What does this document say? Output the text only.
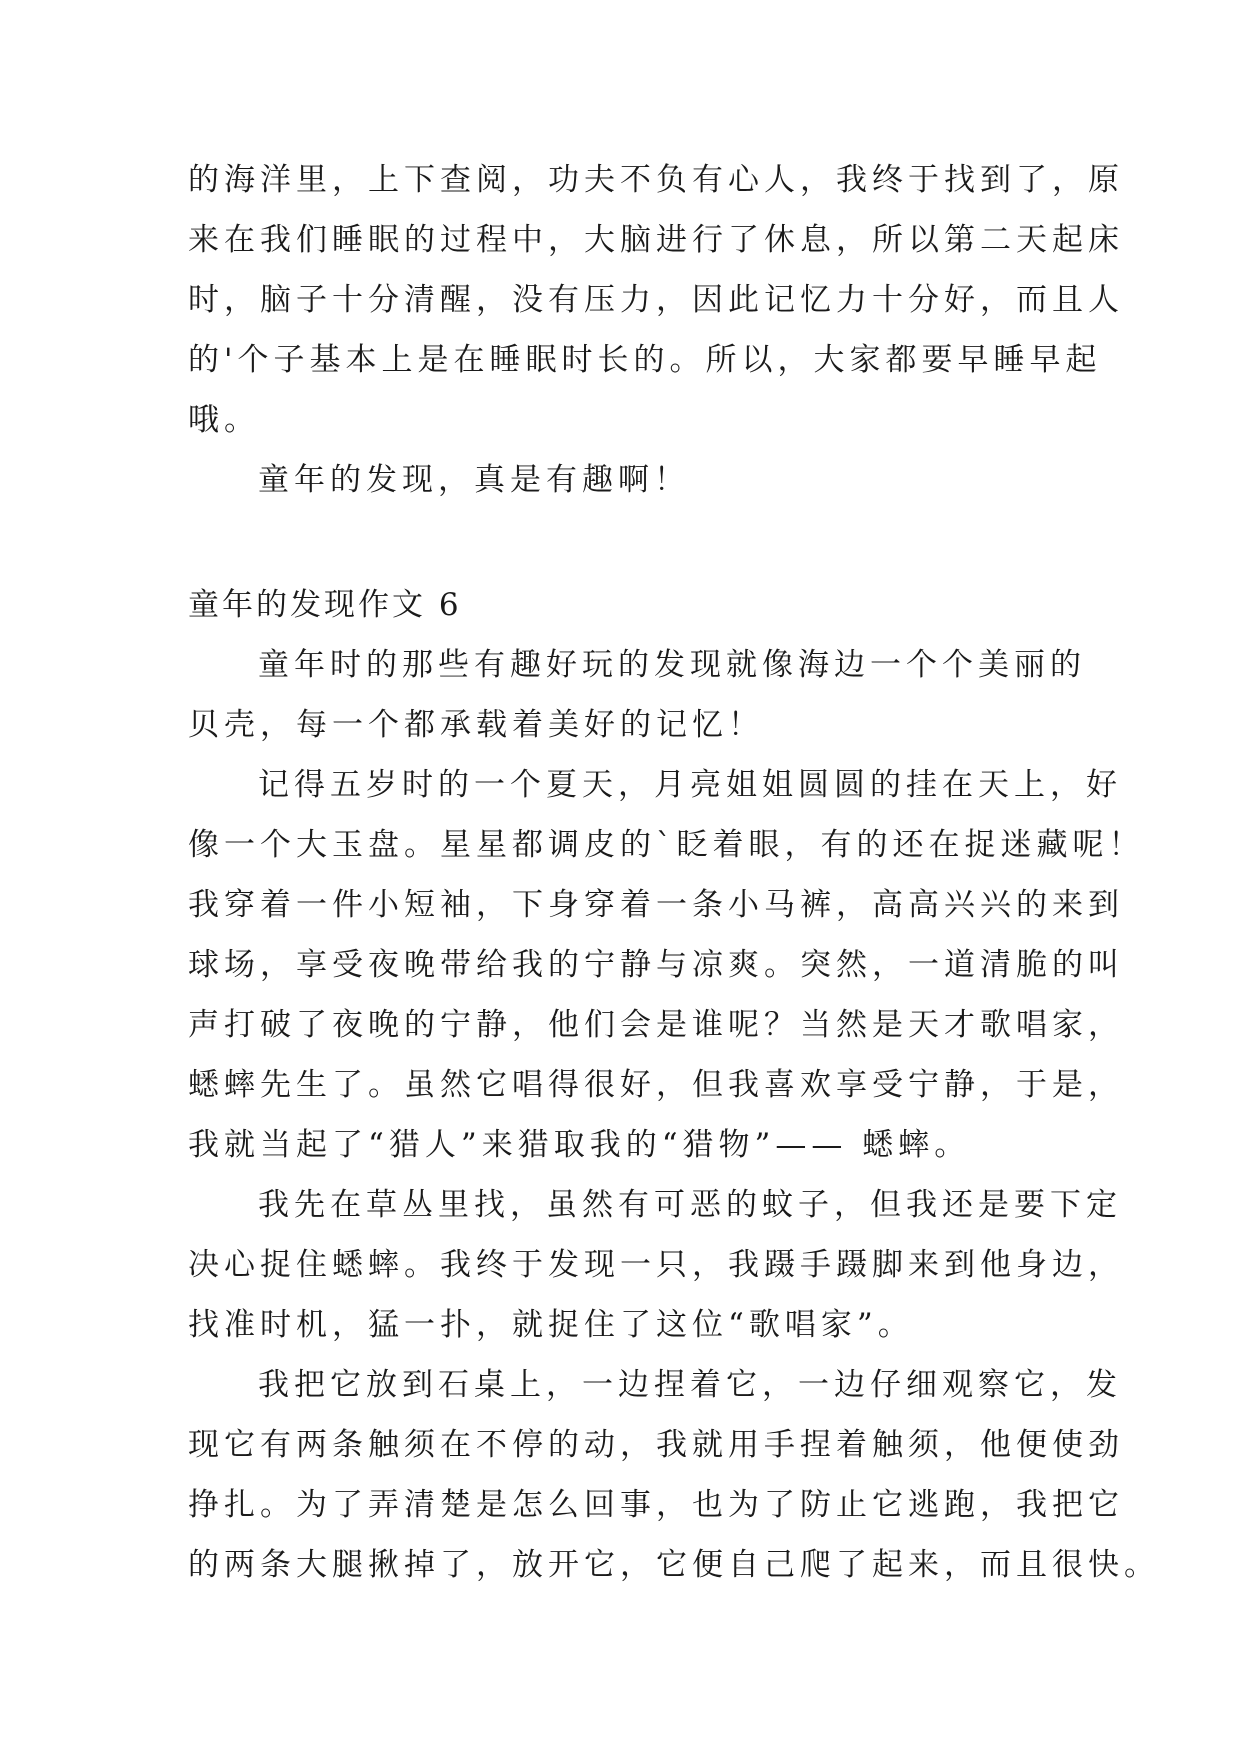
的海洋里，上下查阅，功夫不负有心人，我终于找到了，原
来在我们睡眠的过程中，大脑进行了休息，所以第二天起床
时，脑子十分清醒，没有压力，因此记忆力十分好，而且人
的'个子基本上是在睡眠时长的。所以，大家都要早睡早起
哦。
童年的发现，真是有趣啊！
童年的发现作文 6
童年时的那些有趣好玩的发现就像海边一个个美丽的
贝壳，每一个都承载着美好的记忆！
记得五岁时的一个夏天，月亮姐姐圆圆的挂在天上，好
像一个大玉盘。星星都调皮的`眨着眼，有的还在捉迷藏呢！
我穿着一件小短袖，下身穿着一条小马裤，高高兴兴的来到
球场，享受夜晚带给我的宁静与凉爽。突然，一道清脆的叫
声打破了夜晚的宁静，他们会是谁呢？当然是天才歌唱家，
蟋蟀先生了。虽然它唱得很好，但我喜欢享受宁静，于是，
我就当起了“猎人”来猎取我的“猎物”—— 蟋蟀。
我先在草丛里找，虽然有可恶的蚊子，但我还是要下定
决心捉住蟋蟀。我终于发现一只，我蹑手蹑脚来到他身边，
找准时机，猛一扑，就捉住了这位“歌唱家”。
我把它放到石桌上，一边捏着它，一边仔细观察它，发
现它有两条触须在不停的动，我就用手捏着触须，他便使劲
挣扎。为了弄清楚是怎么回事，也为了防止它逃跑，我把它
的两条大腿揪掉了，放开它，它便自己爬了起来，而且很快。
